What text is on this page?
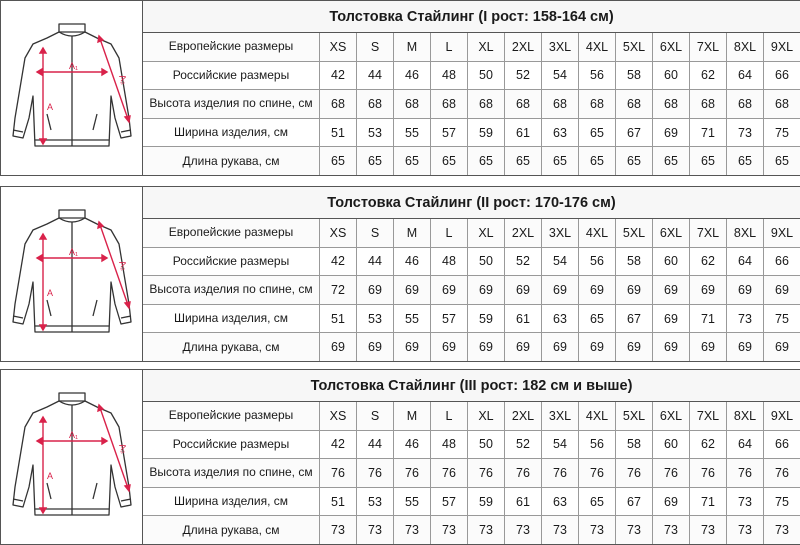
A₁
A
A₂
Толстовка Стайлинг (I рост: 158-164 см)
Европейские размеры	XS	S	M	L	XL	2XL	3XL	4XL	5XL	6XL	7XL	8XL	9XL
Российские размеры	42	44	46	48	50	52	54	56	58	60	62	64	66
Высота изделия по спине, см	68	68	68	68	68	68	68	68	68	68	68	68	68
Ширина изделия, см	51	53	55	57	59	61	63	65	67	69	71	73	75
Длина рукава, см	65	65	65	65	65	65	65	65	65	65	65	65	65
A₁
A
A₂
Толстовка Стайлинг (II рост: 170-176 см)
Европейские размеры	XS	S	M	L	XL	2XL	3XL	4XL	5XL	6XL	7XL	8XL	9XL
Российские размеры	42	44	46	48	50	52	54	56	58	60	62	64	66
Высота изделия по спине, см	72	69	69	69	69	69	69	69	69	69	69	69	69
Ширина изделия, см	51	53	55	57	59	61	63	65	67	69	71	73	75
Длина рукава, см	69	69	69	69	69	69	69	69	69	69	69	69	69
A₁
A
A₂
Толстовка Стайлинг (III рост: 182 см и выше)
Европейские размеры	XS	S	M	L	XL	2XL	3XL	4XL	5XL	6XL	7XL	8XL	9XL
Российские размеры	42	44	46	48	50	52	54	56	58	60	62	64	66
Высота изделия по спине, см	76	76	76	76	76	76	76	76	76	76	76	76	76
Ширина изделия, см	51	53	55	57	59	61	63	65	67	69	71	73	75
Длина рукава, см	73	73	73	73	73	73	73	73	73	73	73	73	73
